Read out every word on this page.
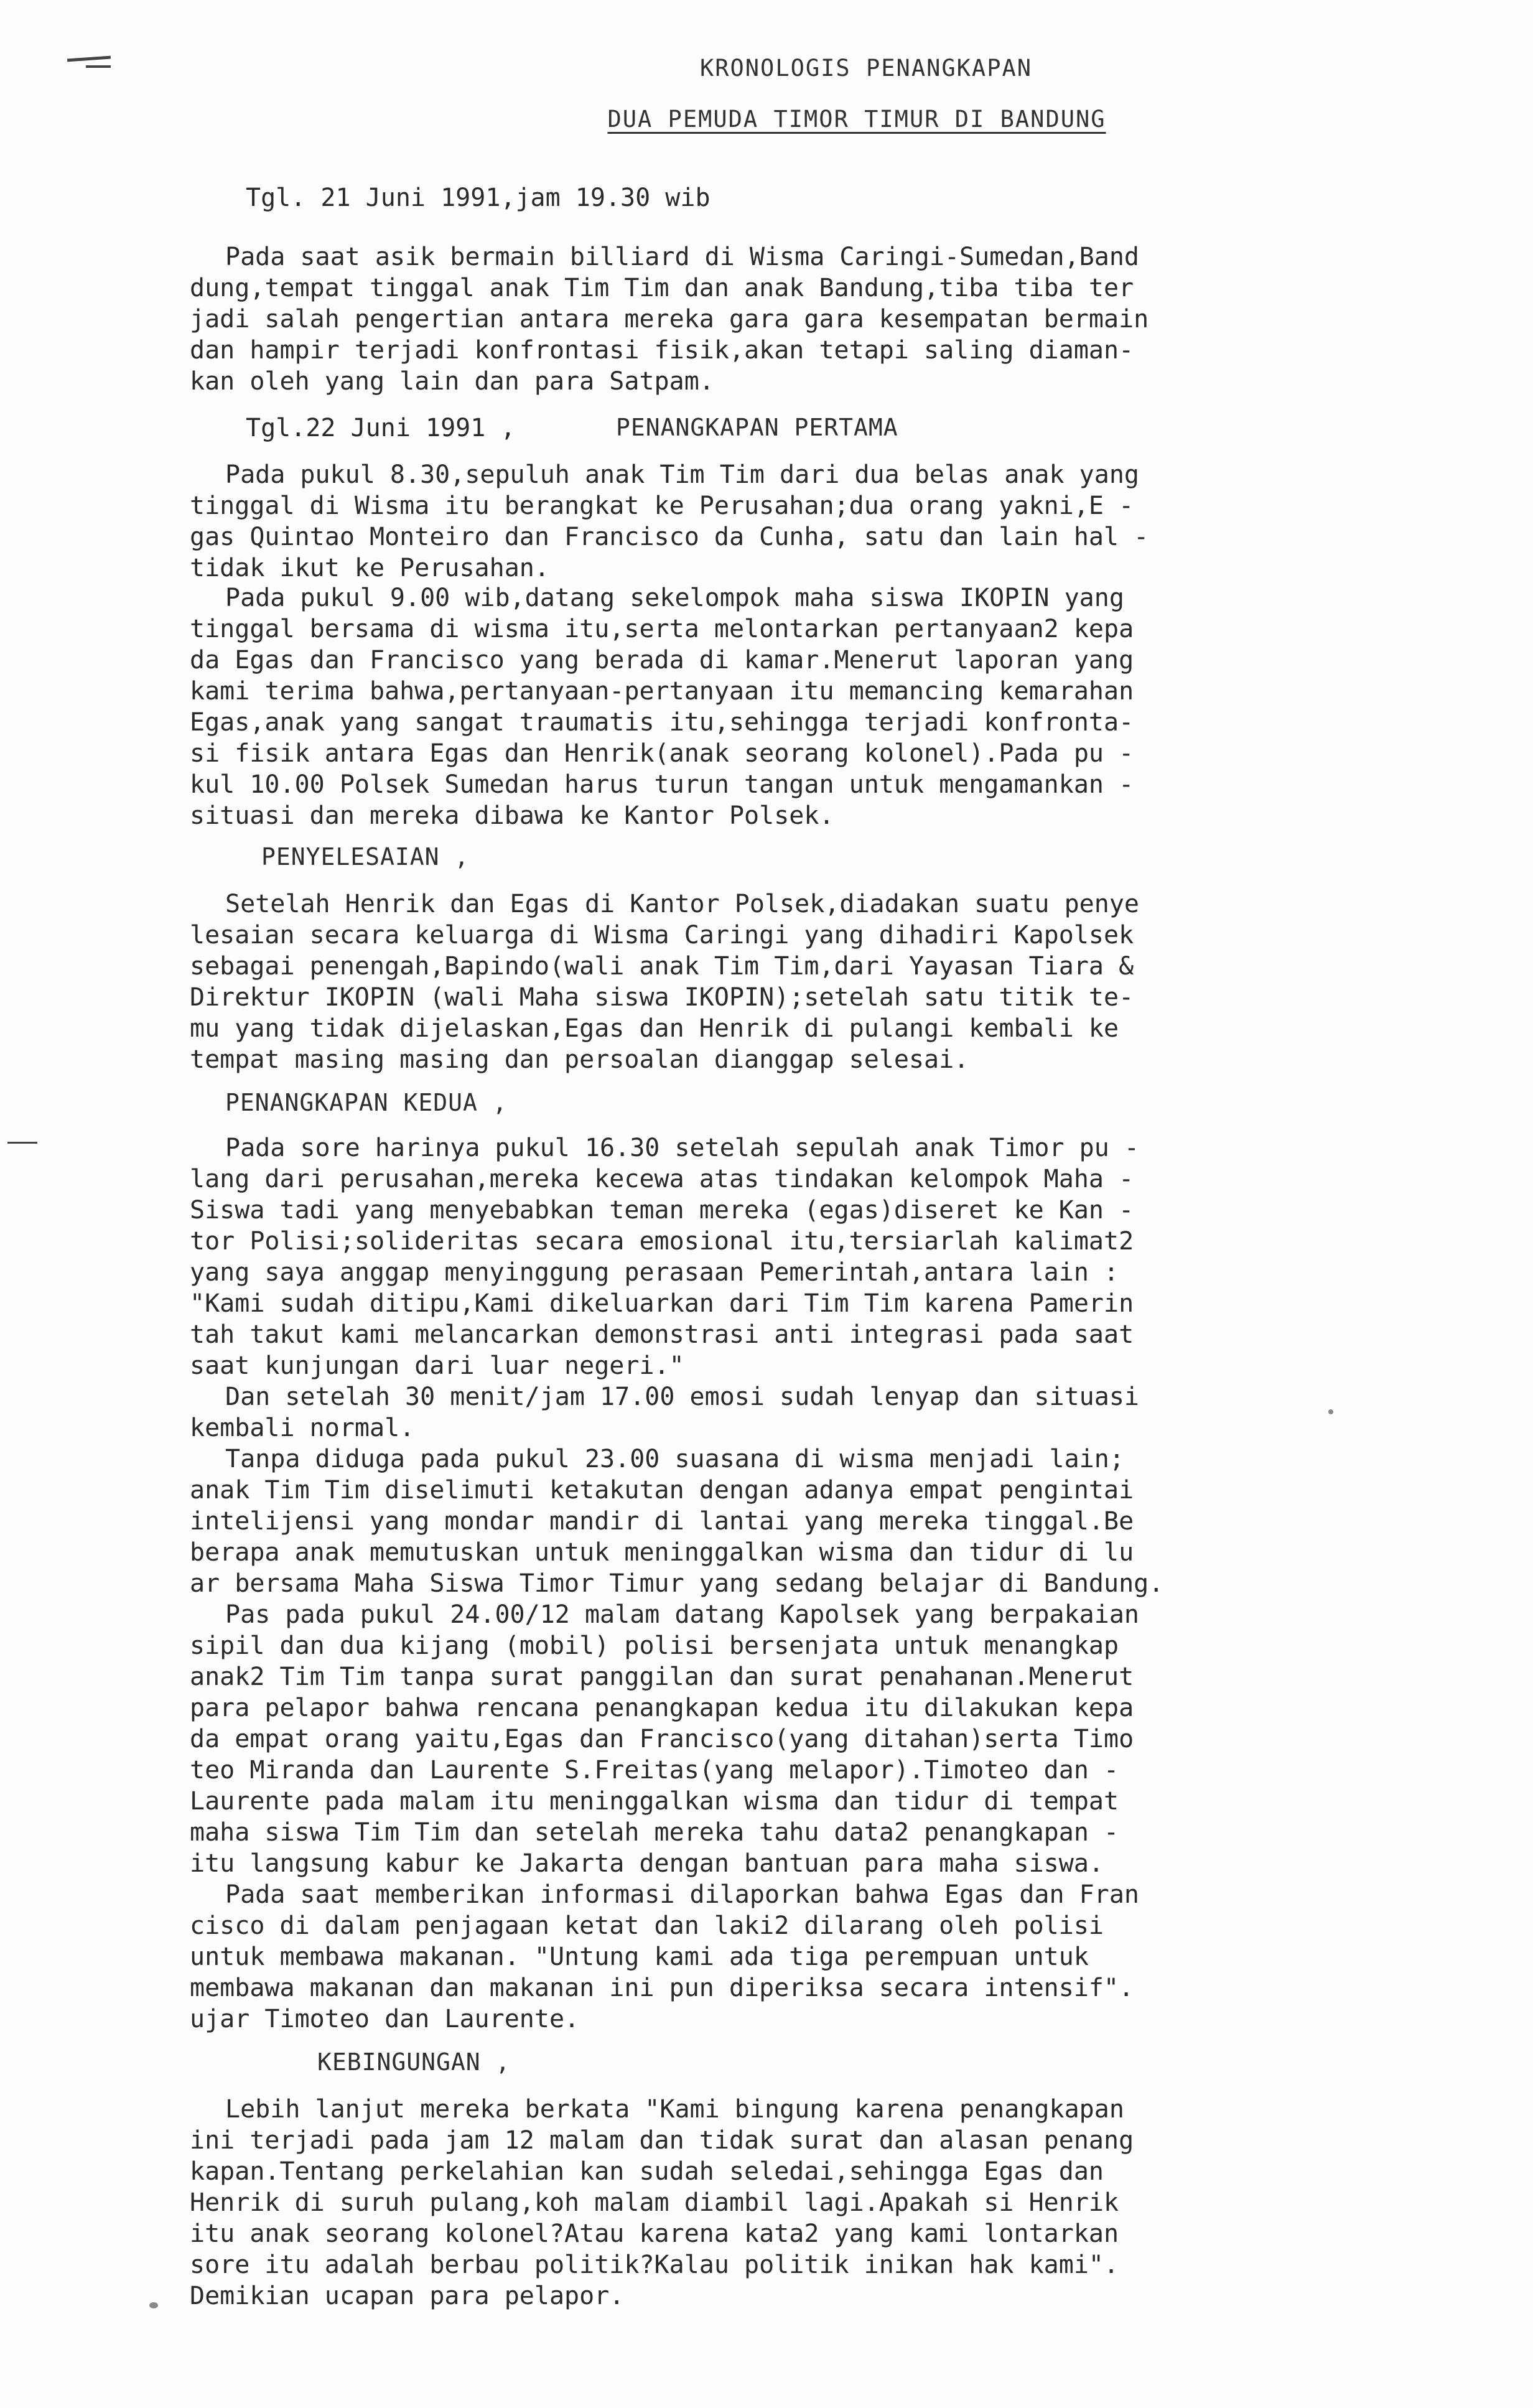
KRONOLOGIS PENANGKAPAN
DUA PEMUDA TIMOR TIMUR DI BANDUNG
Tgl. 21 Juni 1991,jam 19.30 wib
Pada saat asik bermain billiard di Wisma Caringi-Sumedan,Band
dung,tempat tinggal anak Tim Tim dan anak Bandung,tiba tiba ter
jadi salah pengertian antara mereka gara gara kesempatan bermain
dan hampir terjadi konfrontasi fisik,akan tetapi saling diaman-
kan oleh yang lain dan para Satpam.
Tgl.22 Juni 1991 ,	PENANGKAPAN PERTAMA
Pada pukul 8.30,sepuluh anak Tim Tim dari dua belas anak yang
tinggal di Wisma itu berangkat ke Perusahan;dua orang yakni,E -
gas Quintao Monteiro dan Francisco da Cunha, satu dan lain hal -
tidak ikut ke Perusahan.
Pada pukul 9.00 wib,datang sekelompok maha siswa IKOPIN yang
tinggal bersama di wisma itu,serta melontarkan pertanyaan2 kepa
da Egas dan Francisco yang berada di kamar.Menerut laporan yang
kami terima bahwa,pertanyaan-pertanyaan itu memancing kemarahan
Egas,anak yang sangat traumatis itu,sehingga terjadi konfronta-
si fisik antara Egas dan Henrik(anak seorang kolonel).Pada pu -
kul 10.00 Polsek Sumedan harus turun tangan untuk mengamankan -
situasi dan mereka dibawa ke Kantor Polsek.
PENYELESAIAN ,
Setelah Henrik dan Egas di Kantor Polsek,diadakan suatu penye
lesaian secara keluarga di Wisma Caringi yang dihadiri Kapolsek
sebagai penengah,Bapindo(wali anak Tim Tim,dari Yayasan Tiara &
Direktur IKOPIN (wali Maha siswa IKOPIN);setelah satu titik te-
mu yang tidak dijelaskan,Egas dan Henrik di pulangi kembali ke
tempat masing masing dan persoalan dianggap selesai.
PENANGKAPAN KEDUA ,
Pada sore harinya pukul 16.30 setelah sepulah anak Timor pu -
lang dari perusahan,mereka kecewa atas tindakan kelompok Maha -
Siswa tadi yang menyebabkan teman mereka (egas)diseret ke Kan -
tor Polisi;solideritas secara emosional itu,tersiarlah kalimat2
yang saya anggap menyinggung perasaan Pemerintah,antara lain :
"Kami sudah ditipu,Kami dikeluarkan dari Tim Tim karena Pamerin
tah takut kami melancarkan demonstrasi anti integrasi pada saat
saat kunjungan dari luar negeri."
Dan setelah 30 menit/jam 17.00 emosi sudah lenyap dan situasi
kembali normal.
Tanpa diduga pada pukul 23.00 suasana di wisma menjadi lain;
anak Tim Tim diselimuti ketakutan dengan adanya empat pengintai
intelijensi yang mondar mandir di lantai yang mereka tinggal.Be
berapa anak memutuskan untuk meninggalkan wisma dan tidur di lu
ar bersama Maha Siswa Timor Timur yang sedang belajar di Bandung.
Pas pada pukul 24.00/12 malam datang Kapolsek yang berpakaian
sipil dan dua kijang (mobil) polisi bersenjata untuk menangkap
anak2 Tim Tim tanpa surat panggilan dan surat penahanan.Menerut
para pelapor bahwa rencana penangkapan kedua itu dilakukan kepa
da empat orang yaitu,Egas dan Francisco(yang ditahan)serta Timo
teo Miranda dan Laurente S.Freitas(yang melapor).Timoteo dan -
Laurente pada malam itu meninggalkan wisma dan tidur di tempat
maha siswa Tim Tim dan setelah mereka tahu data2 penangkapan -
itu langsung kabur ke Jakarta dengan bantuan para maha siswa.
Pada saat memberikan informasi dilaporkan bahwa Egas dan Fran
cisco di dalam penjagaan ketat dan laki2 dilarang oleh polisi
untuk membawa makanan. "Untung kami ada tiga perempuan untuk
membawa makanan dan makanan ini pun diperiksa secara intensif".
ujar Timoteo dan Laurente.
KEBINGUNGAN ,
Lebih lanjut mereka berkata "Kami bingung karena penangkapan
ini terjadi pada jam 12 malam dan tidak surat dan alasan penang
kapan.Tentang perkelahian kan sudah seledai,sehingga Egas dan
Henrik di suruh pulang,koh malam diambil lagi.Apakah si Henrik
itu anak seorang kolonel?Atau karena kata2 yang kami lontarkan
sore itu adalah berbau politik?Kalau politik inikan hak kami".
Demikian ucapan para pelapor.
